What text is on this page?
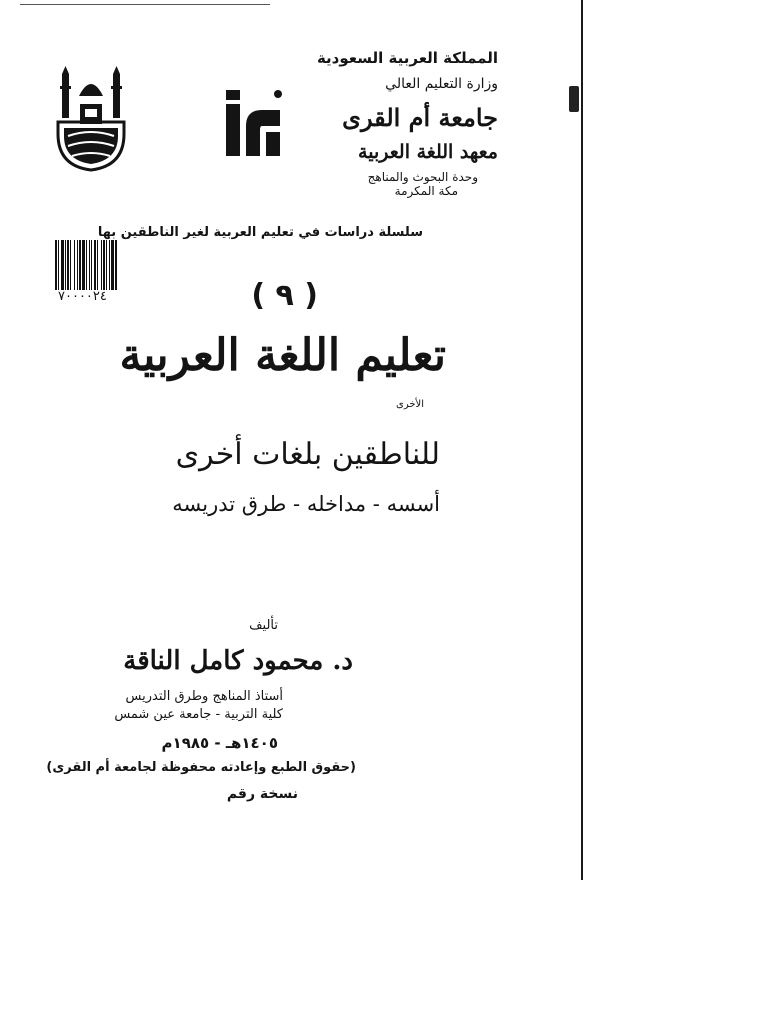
المملكة العربية السعودية
وزارة التعليم العالي
جامعة أم القرى
معهد اللغة العربية
وحدة البحوث والمناهج
مكة المكرمة
٧٠٠٠٠٢٤
سلسلة دراسات في تعليم العربية لغير الناطقين بها
( ٩ )
تعليم اللغة العربية
الأخرى
للناطقين بلغات أخرى
أسسه - مداخله - طرق تدريسه
تأليف
د. محمود كامل الناقة
أستاذ المناهج وطرق التدريس
كلية التربية - جامعة عين شمس
١٤٠٥هـ - ١٩٨٥م
(حقوق الطبع وإعادته محفوظة لجامعة أم القرى)
نسخة رقم
